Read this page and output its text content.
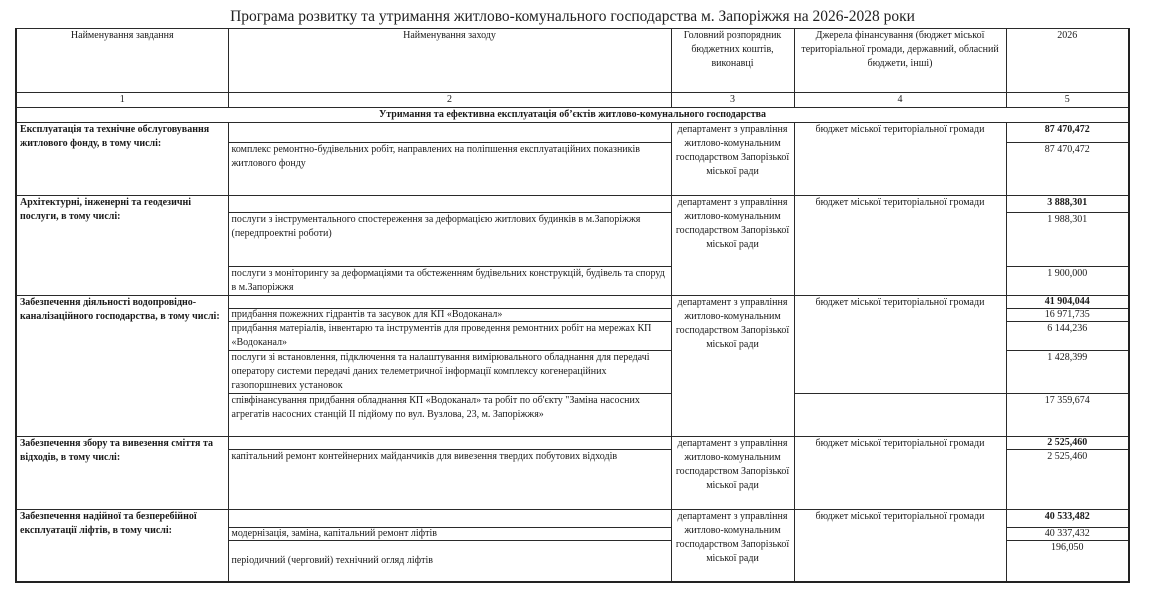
Програма розвитку та утримання житлово-комунального господарства м. Запоріжжя на 2026-2028 роки
Найменування завдання	Найменування заходу	Головний розпорядник бюджетних коштів, виконавці	Джерела фінансування (бюджет міської територіальної громади, державний, обласний бюджети, інші)	2026
1	2	3	4	5
Утримання та ефективна експлуатація об’єктів житлово-комунального господарства				
Експлуатація та технічне обслуговування житлового фонду, в тому числі:		департамент з управління житлово-комунальним господарством Запорізької міської ради	бюджет міської територіальної громади	87 470,472
	комплекс ремонтно-будівельних робіт, направлених на поліпшення експлуатаційних показників житлового фонду			87 470,472
Архітектурні, інженерні та геодезичні послуги, в тому числі:		департамент з управління житлово-комунальним господарством Запорізької міської ради	бюджет міської територіальної громади	3 888,301
	послуги з інструментального спостереження за деформацією житлових будинків в м.Запоріжжя (передпроектні роботи)			1 988,301
	послуги з моніторингу за деформаціями та обстеженням будівельних конструкцій, будівель та споруд в м.Запоріжжя			1 900,000
Забезпечення діяльності водопровідно-каналізаційного господарства, в тому числі:		департамент з управління житлово-комунальним господарством Запорізької міської ради	бюджет міської територіальної громади	41 904,044
	придбання пожежних гідрантів та засувок для КП «Водоканал»			16 971,735
	придбання матеріалів, інвентарю та інструментів для проведення ремонтних робіт на мережах КП «Водоканал»			6 144,236
	послуги зі встановлення, підключення та налаштування вимірювального обладнання для передачі оператору системи передачі даних телеметричної інформації комплексу когенераційних газопоршневих установок			1 428,399
	співфінансування придбання обладнання КП «Водоканал» та робіт по об'єкту "Заміна насосних агрегатів насосних станцій ІІ підйому по вул. Вузлова, 23, м. Запоріжжя»			17 359,674
Забезпечення збору та вивезення сміття та відходів, в тому числі:		департамент з управління житлово-комунальним господарством Запорізької міської ради	бюджет міської територіальної громади	2 525,460
	капітальний ремонт контейнерних майданчиків для вивезення твердих побутових відходів			2 525,460
Забезпечення надійної та безперебійної експлуатації ліфтів, в тому числі:		департамент з управління житлово-комунальним господарством Запорізької міської ради	бюджет міської територіальної громади	40 533,482
	модернізація, заміна, капітальний ремонт ліфтів			40 337,432
	періодичний (черговий) технічний огляд ліфтів			196,050
